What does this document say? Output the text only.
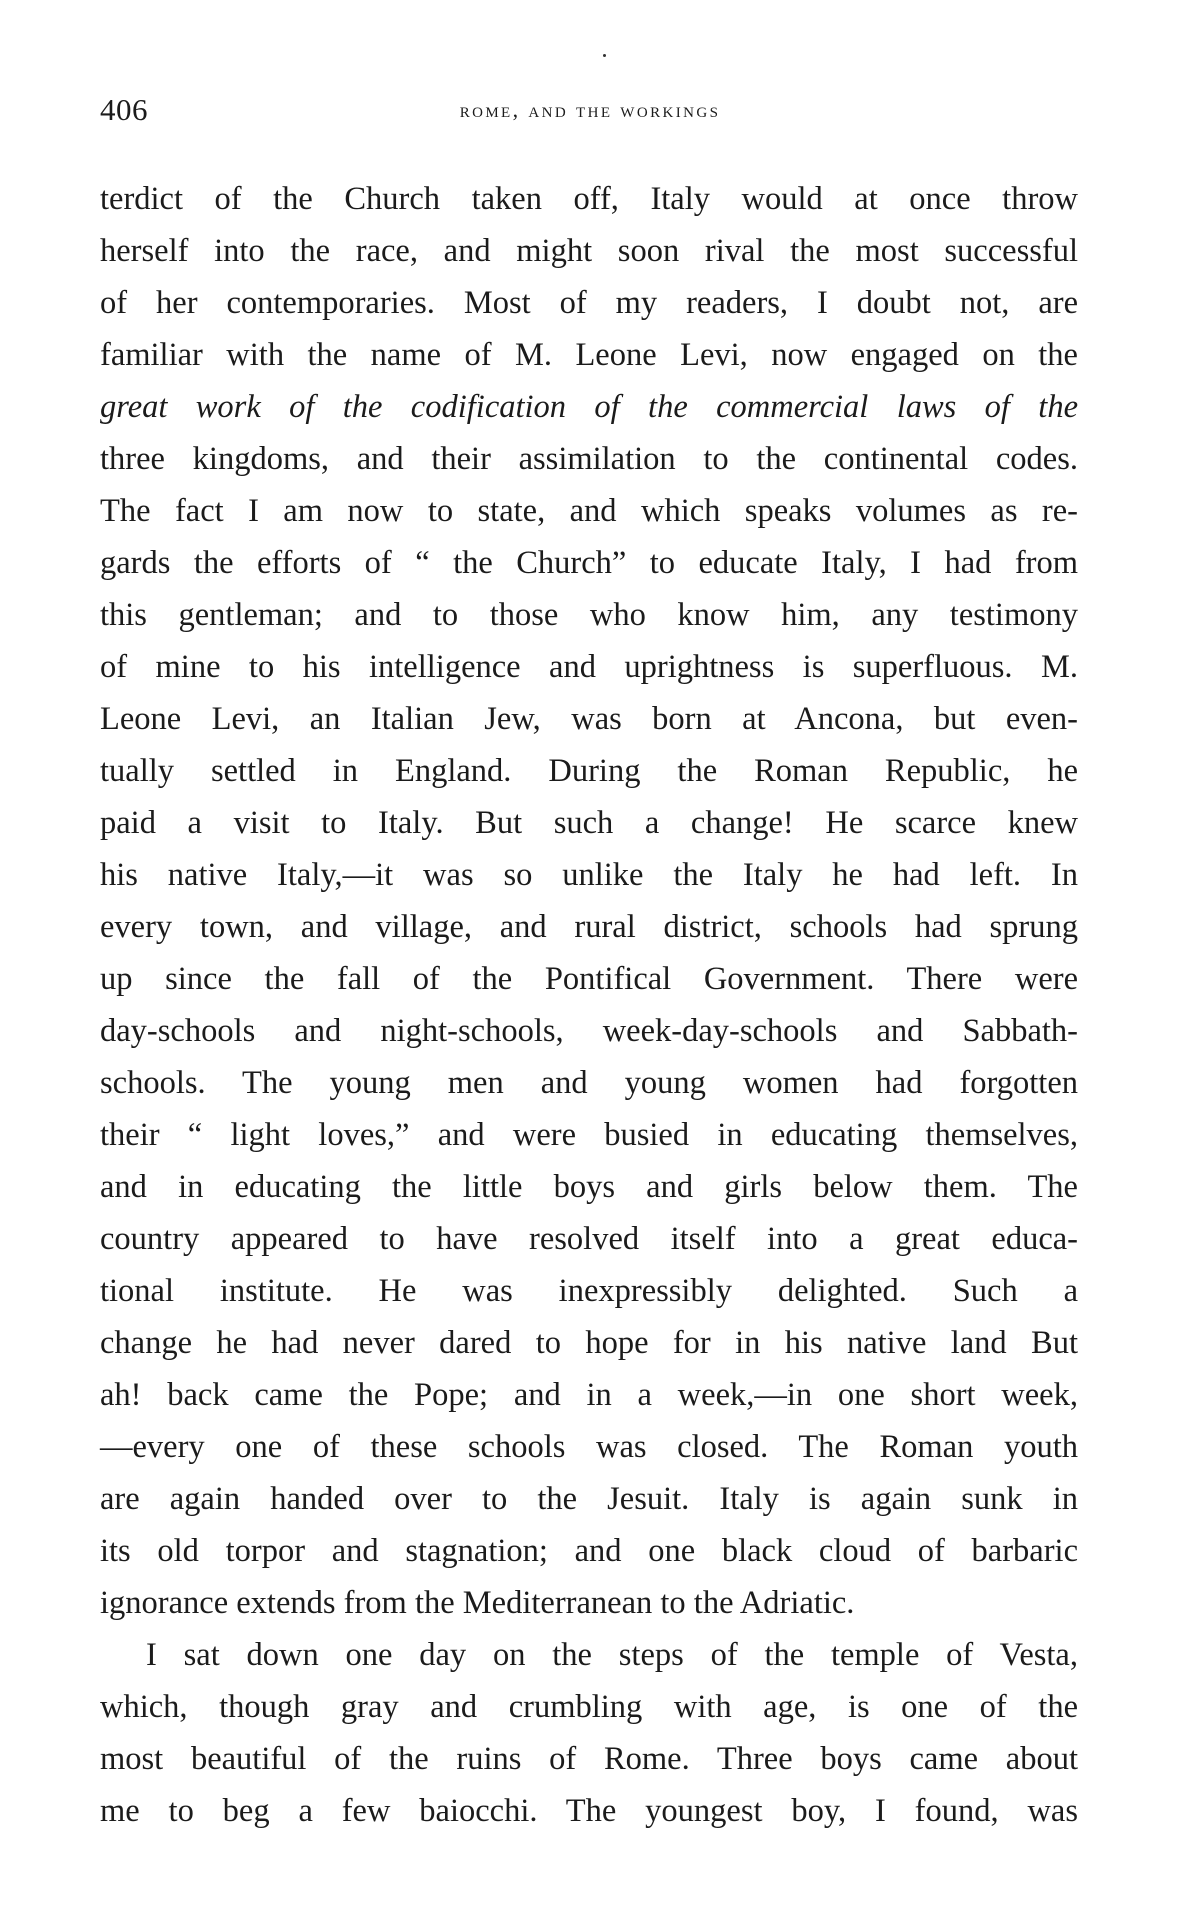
406	rome, and the workings
terdict of the Church taken off, Italy would at once throw
herself into the race, and might soon rival the most successful
of her contemporaries. Most of my readers, I doubt not, are
familiar with the name of M. Leone Levi, now engaged on the
great work of the codification of the commercial laws of the
three kingdoms, and their assimilation to the continental codes.
The fact I am now to state, and which speaks volumes as re-
gards the efforts of “ the Church” to educate Italy, I had from
this gentleman; and to those who know him, any testimony
of mine to his intelligence and uprightness is superfluous. M.
Leone Levi, an Italian Jew, was born at Ancona, but even-
tually settled in England. During the Roman Republic, he
paid a visit to Italy. But such a change! He scarce knew
his native Italy,—it was so unlike the Italy he had left. In
every town, and village, and rural district, schools had sprung
up since the fall of the Pontifical Government. There were
day-schools and night-schools, week-day-schools and Sabbath-
schools. The young men and young women had forgotten
their “ light loves,” and were busied in educating themselves,
and in educating the little boys and girls below them. The
country appeared to have resolved itself into a great educa-
tional institute. He was inexpressibly delighted. Such a
change he had never dared to hope for in his native land But
ah! back came the Pope; and in a week,—in one short week,
—every one of these schools was closed. The Roman youth
are again handed over to the Jesuit. Italy is again sunk in
its old torpor and stagnation; and one black cloud of barbaric
ignorance extends from the Mediterranean to the Adriatic.
I sat down one day on the steps of the temple of Vesta,
which, though gray and crumbling with age, is one of the
most beautiful of the ruins of Rome. Three boys came about
me to beg a few baiocchi. The youngest boy, I found, was
